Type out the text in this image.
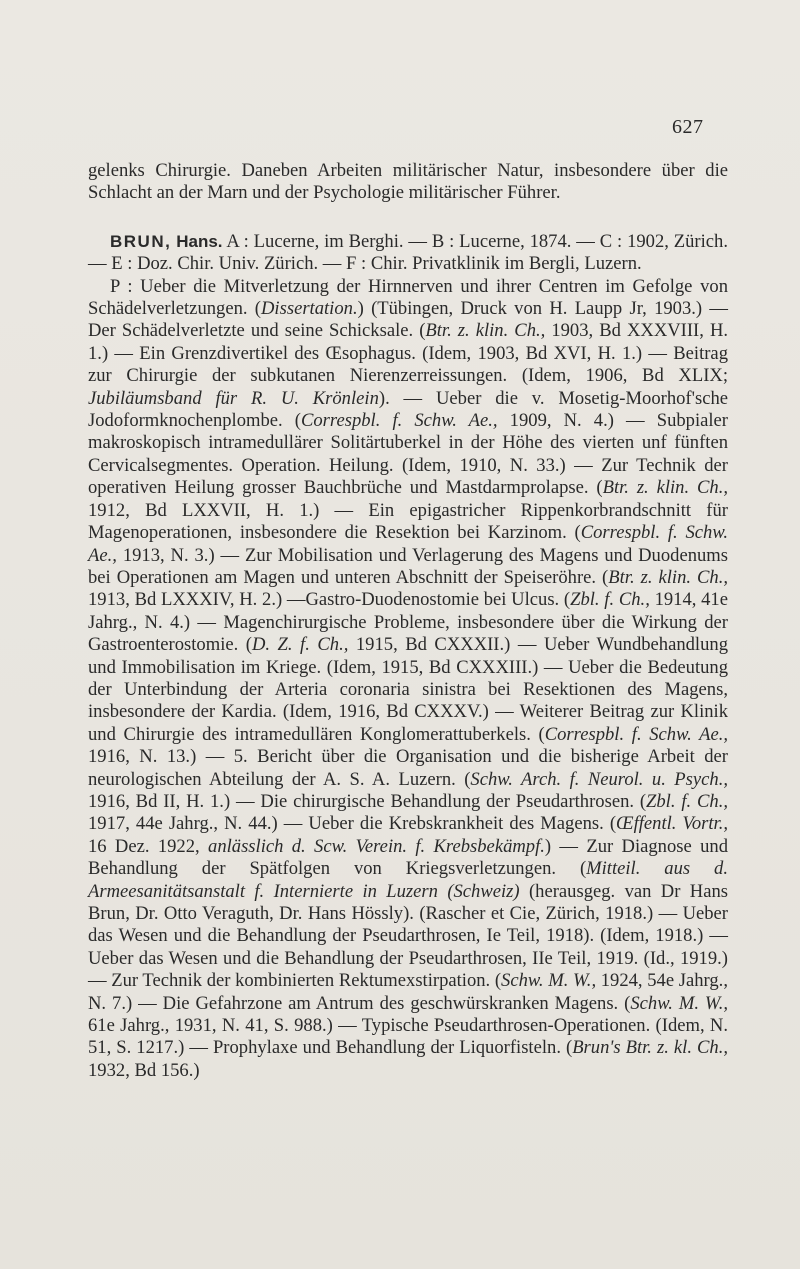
627

gelenks Chirurgie. Daneben Arbeiten militärischer Natur, insbesondere über die Schlacht an der Marn und der Psychologie militärischer Führer.

BRUN, Hans. A : Lucerne, im Berghi. — B : Lucerne, 1874. — C : 1902, Zürich. — E : Doz. Chir. Univ. Zürich. — F : Chir. Privatklinik im Bergli, Luzern.

P : Ueber die Mitverletzung der Hirnnerven und ihrer Centren im Gefolge von Schädelverletzungen. (Dissertation.) (Tübingen, Druck von H. Laupp Jr, 1903.) — Der Schädelverletzte und seine Schicksale. (Btr. z. klin. Ch., 1903, Bd XXXVIII, H. 1.) — Ein Grenzdivertikel des Œsophagus. (Idem, 1903, Bd XVI, H. 1.) — Beitrag zur Chirurgie der subkutanen Nierenzerreissungen. (Idem, 1906, Bd XLIX; Jubiläumsband für R. U. Krönlein). — Ueber die v. Mosetig-Moorhof'sche Jodoformknochenplombe. (Correspbl. f. Schw. Ae., 1909, N. 4.) — Subpialer makroskopisch intramedullärer Solitärtuberkel in der Höhe des vierten unf fünften Cervicalsegmentes. Operation. Heilung. (Idem, 1910, N. 33.) — Zur Technik der operativen Heilung grosser Bauchbrüche und Mastdarmprolapse. (Btr. z. klin. Ch., 1912, Bd LXXVII, H. 1.) — Ein epigastricher Rippenkorbrandschnitt für Magenoperationen, insbesondere die Resektion bei Karzinom. (Correspbl. f. Schw. Ae., 1913, N. 3.) — Zur Mobilisation und Verlagerung des Magens und Duodenums bei Operationen am Magen und unteren Abschnitt der Speiseröhre. (Btr. z. klin. Ch., 1913, Bd LXXXIV, H. 2.) —Gastro-Duodenostomie bei Ulcus. (Zbl. f. Ch., 1914, 41e Jahrg., N. 4.) — Magenchirurgische Probleme, insbesondere über die Wirkung der Gastroenterostomie. (D. Z. f. Ch., 1915, Bd CXXXII.) — Ueber Wundbehandlung und Immobilisation im Kriege. (Idem, 1915, Bd CXXXIII.) — Ueber die Bedeutung der Unterbindung der Arteria coronaria sinistra bei Resektionen des Magens, insbesondere der Kardia. (Idem, 1916, Bd CXXXV.) — Weiterer Beitrag zur Klinik und Chirurgie des intramedullären Konglomerattuberkels. (Correspbl. f. Schw. Ae., 1916, N. 13.) — 5. Bericht über die Organisation und die bisherige Arbeit der neurologischen Abteilung der A. S. A. Luzern. (Schw. Arch. f. Neurol. u. Psych., 1916, Bd II, H. 1.) — Die chirurgische Behandlung der Pseudarthrosen. (Zbl. f. Ch., 1917, 44e Jahrg., N. 44.) — Ueber die Krebskrankheit des Magens. (Œffentl. Vortr., 16 Dez. 1922, anlässlich d. Scw. Verein. f. Krebsbekämpf.) — Zur Diagnose und Behandlung der Spätfolgen von Kriegsverletzungen. (Mitteil. aus d. Armeesanitätsanstalt f. Internierte in Luzern (Schweiz) (herausgeg. van Dr Hans Brun, Dr. Otto Veraguth, Dr. Hans Hössly). (Rascher et Cie, Zürich, 1918.) — Ueber das Wesen und die Behandlung der Pseudarthrosen, Ie Teil, 1918). (Idem, 1918.) — Ueber das Wesen und die Behandlung der Pseudarthrosen, IIe Teil, 1919. (Id., 1919.) — Zur Technik der kombinierten Rektumexstirpation. (Schw. M. W., 1924, 54e Jahrg., N. 7.) — Die Gefahrzone am Antrum des geschwürskranken Magens. (Schw. M. W., 61e Jahrg., 1931, N. 41, S. 988.) — Typische Pseudarthrosen-Operationen. (Idem, N. 51, S. 1217.) — Prophylaxe und Behandlung der Liquorfisteln. (Brun's Btr. z. kl. Ch., 1932, Bd 156.)
